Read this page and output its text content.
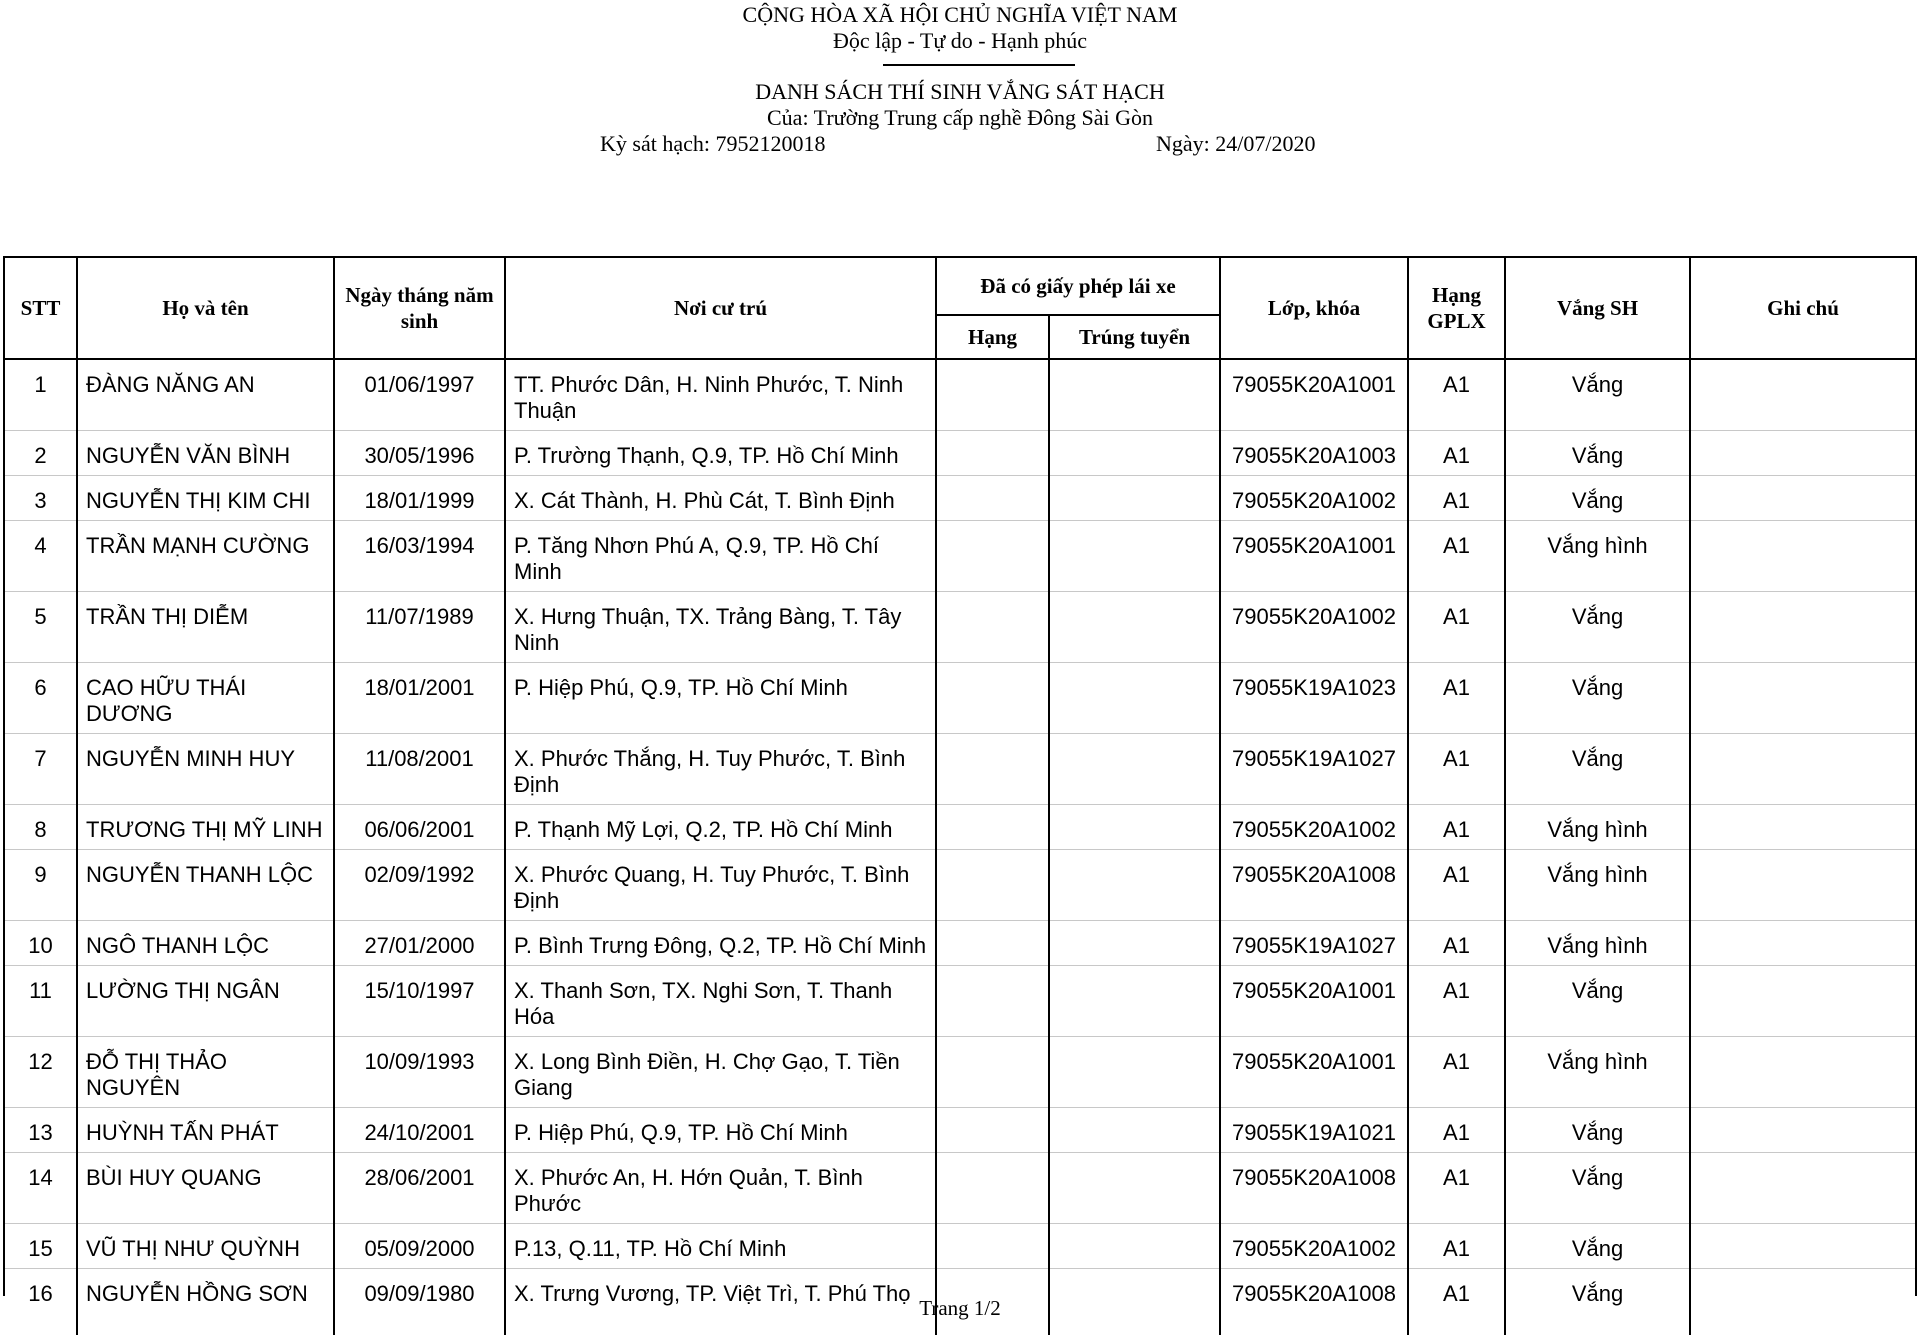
CỘNG HÒA XÃ HỘI CHỦ NGHĨA VIỆT NAM
Độc lập - Tự do - Hạnh phúc
DANH SÁCH THÍ SINH VẮNG SÁT HẠCH
Của: Trường Trung cấp nghề Đông Sài Gòn
Kỳ sát hạch: 7952120018	Ngày: 24/07/2020
STT	Họ và tên	Ngày tháng năm sinh	Nơi cư trú	Đã có giấy phép lái xe		Lớp, khóa	Hạng GPLX	Vắng SH	Ghi chú
				Hạng	Trúng tuyển				
1	ĐÀNG NĂNG AN	01/06/1997	TT. Phước Dân, H. Ninh Phước, T. Ninh Thuận			79055K20A1001	A1	Vắng	
2	NGUYỄN VĂN BÌNH	30/05/1996	P. Trường Thạnh, Q.9, TP. Hồ Chí Minh			79055K20A1003	A1	Vắng	
3	NGUYỄN THỊ KIM CHI	18/01/1999	X. Cát Thành, H. Phù Cát, T. Bình Định			79055K20A1002	A1	Vắng	
4	TRẦN MẠNH CƯỜNG	16/03/1994	P. Tăng Nhơn Phú A, Q.9, TP. Hồ Chí Minh			79055K20A1001	A1	Vắng hình	
5	TRẦN THỊ DIỄM	11/07/1989	X. Hưng Thuận, TX. Trảng Bàng, T. Tây Ninh			79055K20A1002	A1	Vắng	
6	CAO HỮU THÁI DƯƠNG	18/01/2001	P. Hiệp Phú, Q.9, TP. Hồ Chí Minh			79055K19A1023	A1	Vắng	
7	NGUYỄN MINH HUY	11/08/2001	X. Phước Thắng, H. Tuy Phước, T. Bình Định			79055K19A1027	A1	Vắng	
8	TRƯƠNG THỊ MỸ LINH	06/06/2001	P. Thạnh Mỹ Lợi, Q.2, TP. Hồ Chí Minh			79055K20A1002	A1	Vắng hình	
9	NGUYỄN THANH LỘC	02/09/1992	X. Phước Quang, H. Tuy Phước, T. Bình Định			79055K20A1008	A1	Vắng hình	
10	NGÔ THANH LỘC	27/01/2000	P. Bình Trưng Đông, Q.2, TP. Hồ Chí Minh			79055K19A1027	A1	Vắng hình	
11	LƯỜNG THỊ NGÂN	15/10/1997	X. Thanh Sơn, TX. Nghi Sơn, T. Thanh Hóa			79055K20A1001	A1	Vắng	
12	ĐỖ THỊ THẢO NGUYÊN	10/09/1993	X. Long Bình Điền, H. Chợ Gạo, T. Tiền Giang			79055K20A1001	A1	Vắng hình	
13	HUỲNH TẤN PHÁT	24/10/2001	P. Hiệp Phú, Q.9, TP. Hồ Chí Minh			79055K19A1021	A1	Vắng	
14	BÙI HUY QUANG	28/06/2001	X. Phước An, H. Hớn Quản, T. Bình Phước			79055K20A1008	A1	Vắng	
15	VŨ THỊ NHƯ QUỲNH	05/09/2000	P.13, Q.11, TP. Hồ Chí Minh			79055K20A1002	A1	Vắng	
16	NGUYỄN HỒNG SƠN	09/09/1980	X. Trưng Vương, TP. Việt Trì, T. Phú Thọ			79055K20A1008	A1	Vắng	
Trang 1/2
